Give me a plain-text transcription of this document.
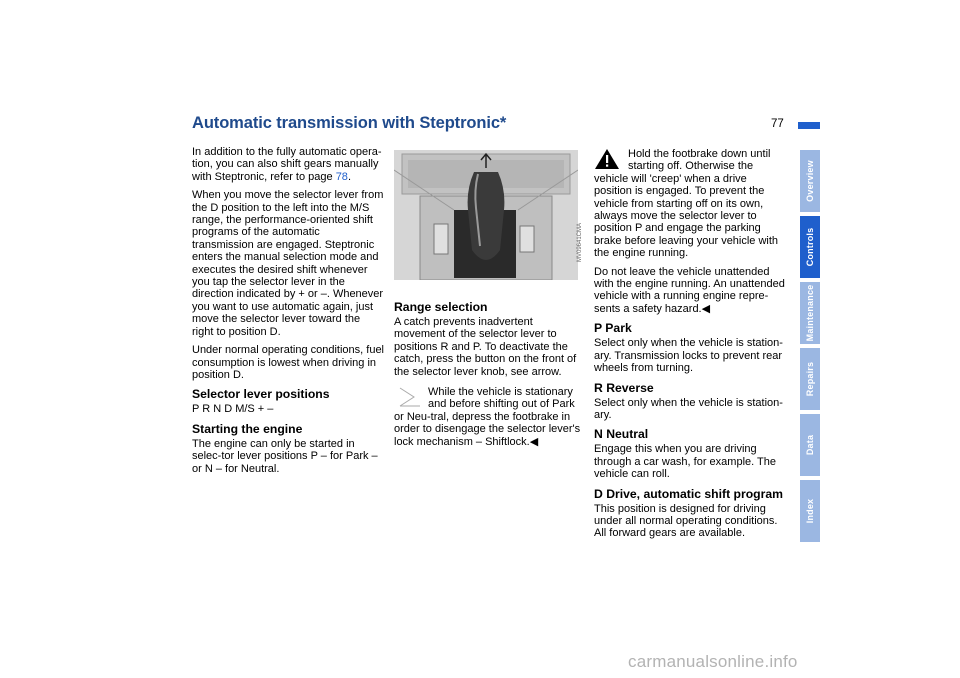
Automatic transmission with Steptronic*	77

In addition to the fully automatic opera-tion, you can also shift gears manually with Steptronic, refer to page 78.

When you move the selector lever from the D position to the left into the M/S range, the performance-oriented shift programs of the automatic transmission are engaged. Steptronic enters the manual selection mode and executes the desired shift whenever you tap the selector lever in the direction indicated by + or –. Whenever you want to use automatic again, just move the selector lever toward the right to position D.

Under normal operating conditions, fuel consumption is lowest when driving in position D.

Selector lever positions

P R N D M/S + –

Starting the engine

The engine can only be started in selec-tor lever positions P – for Park – or N – for Neutral.

MV09641CMA
Range selection

A catch prevents inadvertent movement of the selector lever to positions R and P. To deactivate the catch, press the button on the front of the selector lever knob, see arrow.

While the vehicle is stationary and before shifting out of Park or Neu-tral, depress the footbrake in order to disengage the selector lever's lock mechanism – Shiftlock.◀
Hold the footbrake down until starting off. Otherwise the vehicle will 'creep' when a drive position is engaged. To prevent the vehicle from starting off on its own, always move the selector lever to position P and engage the parking brake before leaving your vehicle with the engine running.

Do not leave the vehicle unattended with the engine running. An unattended vehicle with a running engine repre-sents a safety hazard.◀

P Park

Select only when the vehicle is station-ary. Transmission locks to prevent rear wheels from turning.

R Reverse

Select only when the vehicle is station-ary.

N Neutral

Engage this when you are driving through a car wash, for example. The vehicle can roll.

D Drive, automatic shift program

This position is designed for driving under all normal operating conditions. All forward gears are available.

Overview
Controls
Maintenance
Repairs
Data
Index
carmanualsonline.info
